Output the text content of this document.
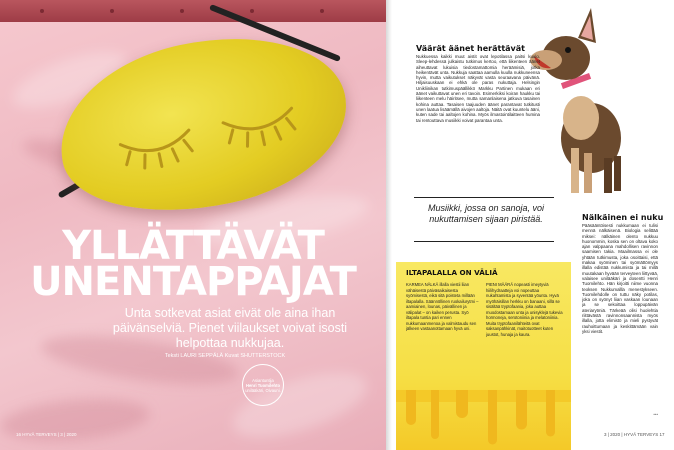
YLLÄTTÄVÄT
UNENTAPPAJAT
Unta sotkevat asiat eivät ole aina ihan päivänselviä. Pienet viilaukset voivat isosti helpottaa nukkujaa.
Teksti LAURI SEPPÄLÄ Kuvat SHUTTERSTOCK
Asiantuntija
Henri Tuomilehto
unilääkäri, Oivauni.
16 HYVÄ TERVEYS | 3 | 2020
Väärät äänet herättävät
Nukkuessa kaikki muut aistit ovat lepotilassa paitsi kuulo. Sleep-lehdessä julkaistu tutkimus kertoo, että liikenteen äänet aiheuttavat lukuisia tiedostamattomia heräämisiä, jotka heikentävät unta. Nukkuja saattaa aamulla kuulla nukkuneensa hyvin, mutta vaikutukset näkyvät vasta seuraavana päivänä. Hiljaisuuskaan ei ehkä ole paras nukuttaja. Helsingin Unikliinikan tutkimuspäällikkö Markku Partinen mukaan eri äänet vaikuttavat unen eri tavoin. Esimerkiksi koiran haukku tai liikenteen melu häiritsee, mutta samanlaisena jatkuva tasainen kohina auttaa. Tasaisen taajuuden äänet parantavat tutkitusti unen laatua lisäämällä aivojen aaltoja. Näitä ovat kuuntelu ääni, kuten sade tai aaltojen kohina. Myös ilmastointilaitteen humina tai rentouttava musiikki voivat parantaa unta.
Musiikki, jossa on sanoja, voi nukuttamisen sijaan piristää.
ILTAPALALLA ON VÄLIÄ
KARMEA NÄLKÄ illalla viestii liian vähäisestä päiväsaikaisesta syömisestä, eikä sitä poisteta millään iltapalalla. Säännöllinen ruokailurytmi – aamiainen, lounas, päivällinen ja välipalat – on kaiken perusta. Syö iltapala tuntia pari ennen nukkumaanmenoa ja valmistaudu sen jälkeen vastaanottamaan hyvä uni.
PIENI MÄÄRÄ nopeasti imeytyviä hiilihydraatteja voi nopeuttaa nukahtamista ja syventää yöunta. Hyvä myöhäisillan herkku on banaani, sillä se sisältää tryptofaania, joka auttaa muodostamaan unta ja unisyklejä tukevia hormoneja, serotoniinia ja melatoniinia. Muita tryptofaanilähteitä ovat saksanpähkinät, maitotuotteet kuten juustot, hunaja ja kaura.
Nälkäinen ei nuku
Pääsääntöisesti nukkumaan ei tulisi mennä nälkäisenä. Biologia selittää miksei: nälkäinen olento nukkuu huonommin, koska sen on oltava koko ajan valppaana mahdollisen ravinnon saamisen takia. Maailmassa ei ole yhtään tutkimusta, joka osoittaisi, että makaa syöminen tai syömättömyys illalla edistää nukkumista ja tai millä muutakaan hyvään terveyteen liittyvää, valaisee unilääkäri ja dosentti Henri Tuomilehto. Hän kirjoitti niime vuonna teoksen Nukkumallla menestykseen. Tuomilehdolle on tuttu näky potilas, joka on syönyt liian vaskaan lounaan ja se sekoittaa loppupäivän ateriarytmiä. Tärkeää olisi huolehtia riittävästä ravinnonsaannista myös illalla, jotta elimistö ja mieli pystyvät rauhoittumaan ja keskittämään vain yksi viestit.
•••
3 | 2020 | HYVÄ TERVEYS 17
